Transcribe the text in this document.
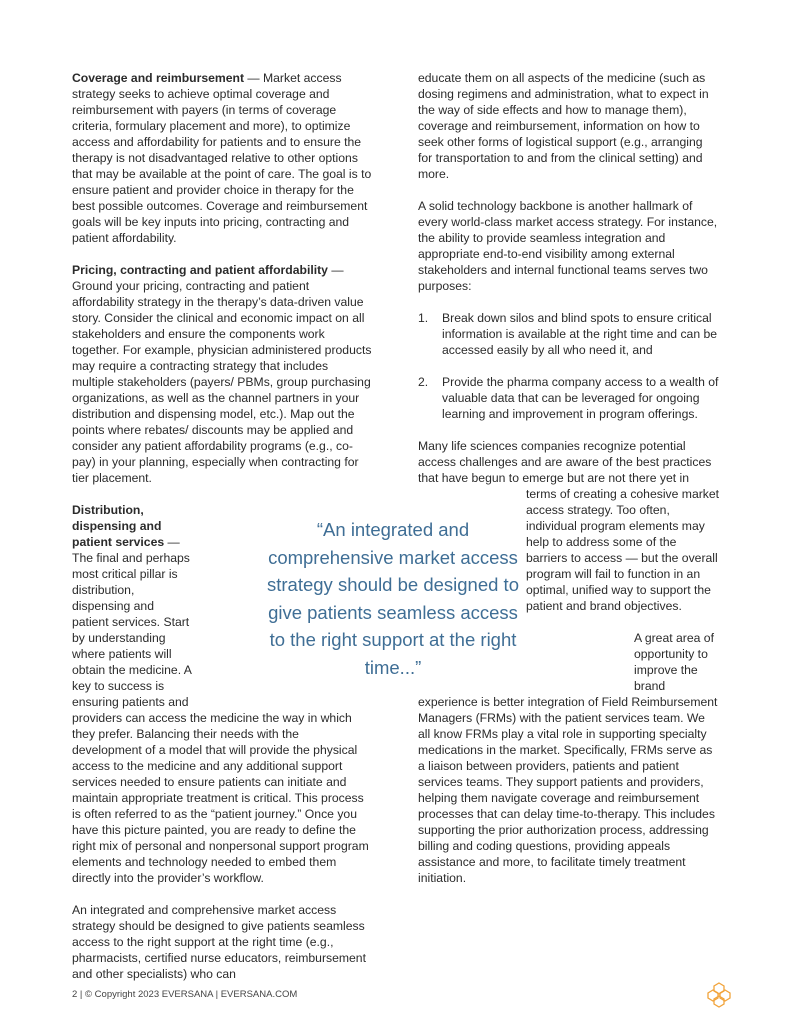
Coverage and reimbursement — Market access strategy seeks to achieve optimal coverage and reimbursement with payers (in terms of coverage criteria, formulary placement and more), to optimize access and affordability for patients and to ensure the therapy is not disadvantaged relative to other options that may be available at the point of care. The goal is to ensure patient and provider choice in therapy for the best possible outcomes. Coverage and reimbursement goals will be key inputs into pricing, contracting and patient affordability.

Pricing, contracting and patient affordability — Ground your pricing, contracting and patient affordability strategy in the therapy’s data-driven value story. Consider the clinical and economic impact on all stakeholders and ensure the components work together. For example, physician administered products may require a contracting strategy that includes multiple stakeholders (payers/ PBMs, group purchasing organizations, as well as the channel partners in your distribution and dispensing model, etc.). Map out the points where rebates/ discounts may be applied and consider any patient affordability programs (e.g., co-pay) in your planning, especially when contracting for tier placement.

Distribution, dispensing and patient services — The final and perhaps most critical pillar is distribution, dispensing and patient services. Start by understanding where patients will obtain the medicine. A key to success is ensuring patients and providers can access the medicine the way in which they prefer. Balancing their needs with the development of a model that will provide the physical access to the medicine and any additional support services needed to ensure patients can initiate and maintain appropriate treatment is critical. This process is often referred to as the “patient journey.” Once you have this picture painted, you are ready to define the right mix of personal and nonpersonal support program elements and technology needed to embed them directly into the provider’s workflow.

An integrated and comprehensive market access strategy should be designed to give patients seamless access to the right support at the right time (e.g., pharmacists, certified nurse educators, reimbursement and other specialists) who can

educate them on all aspects of the medicine (such as dosing regimens and administration, what to expect in the way of side effects and how to manage them), coverage and reimbursement, information on how to seek other forms of logistical support (e.g., arranging for transportation to and from the clinical setting) and more.

A solid technology backbone is another hallmark of every world-class market access strategy. For instance, the ability to provide seamless integration and appropriate end-to-end visibility among external stakeholders and internal functional teams serves two purposes:

1. Break down silos and blind spots to ensure critical information is available at the right time and can be accessed easily by all who need it, and
2. Provide the pharma company access to a wealth of valuable data that can be leveraged for ongoing learning and improvement in program offerings.

Many life sciences companies recognize potential access challenges and are aware of the best practices that have begun to emerge but are not there yet
in terms of creating a cohesive market access strategy. Too often, individual program elements may help to address some of the barriers to access — but the overall program will fail to function in an optimal, unified way to support the patient and brand objectives.

A great area of opportunity to improve the brand experience is better integration of Field Reimbursement Managers (FRMs) with the patient services team. We all know FRMs play a vital role in supporting specialty medications in the market. Specifically, FRMs serve as a liaison between providers, patients and patient services teams. They support patients and providers, helping them navigate coverage and reimbursement processes that can delay time-to-therapy. This includes supporting the prior authorization process, addressing billing and coding questions, providing appeals assistance and more, to facilitate timely treatment initiation.

“An integrated and comprehensive market access strategy should be designed to give patients seamless access to the right support at the right time...”
2 | © Copyright 2023 EVERSANA | EVERSANA.COM
